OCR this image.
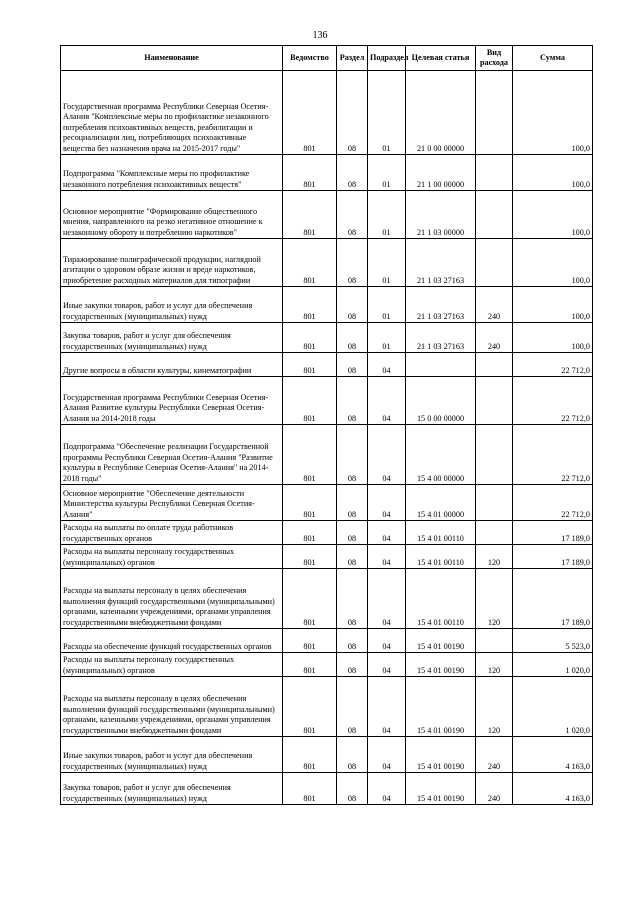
136
Наименование	Ведомство	Раздел	Подраздел	Целевая статья	Вид расхода	Сумма
Государственная программа Республики Северная Осетия-Алания "Комплексные меры по профилактике незаконного потребления психоактивных веществ, реабилитации и ресоциализации лиц, потребляющих психоактивные вещества без назначения врача на 2015-2017 годы"	801	08	01	21 0 00 00000		100,0
Подпрограмма "Комплексные меры по профилактике незаконного потребления психоактивных веществ"	801	08	01	21 1 00 00000		100,0
Основное мероприятие "Формирование общественного мнения, направленного на резко негативное отношение к незаконному обороту и потреблению наркотиков"	801	08	01	21 1 03 00000		100,0
Тиражирование полиграфической продукции, наглядной агитации о здоровом образе жизни и вреде наркотиков, приобретение расходных материалов для типографии	801	08	01	21 1 03 27163		100,0
Иные закупки товаров, работ и услуг для обеспечения государственных (муниципальных) нужд	801	08	01	21 1 03 27163	240	100,0
Закупка товаров, работ и услуг для обеспечения государственных (муниципальных) нужд	801	08	01	21 1 03 27163	240	100,0
Другие вопросы в области культуры, кинематографии	801	08	04			22 712,0
Государственная программа Республики Северная Осетия-Алания Развитие культуры Республики Северная Осетия-Алания на 2014-2018 годы	801	08	04	15 0 00 00000		22 712,0
Подпрограмма "Обеспечение реализации Государственной программы Республики Северная Осетия-Алания "Развитие культуры в Республике Северная Осетия-Алания" на 2014-2018 годы"	801	08	04	15 4 00 00000		22 712,0
Основное мероприятие "Обеспечение деятельности Министерства культуры Республики Северная Осетия-Алания"	801	08	04	15 4 01 00000		22 712,0
Расходы на выплаты по оплате труда работников государственных органов	801	08	04	15 4 01 00110		17 189,0
Расходы на выплаты персоналу государственных (муниципальных) органов	801	08	04	15 4 01 00110	120	17 189,0
Расходы на выплаты персоналу в целях обеспечения выполнения функций государственными (муниципальными) органами, казенными учреждениями, органами управления государственными внебюджетными фондами	801	08	04	15 4 01 00110	120	17 189,0
Расходы на обеспечение функций государственных органов	801	08	04	15 4 01 00190		5 523,0
Расходы на выплаты персоналу государственных (муниципальных) органов	801	08	04	15 4 01 00190	120	1 020,0
Расходы на выплаты персоналу в целях обеспечения выполнения функций государственными (муниципальными) органами, казенными учреждениями, органами управления государственными внебюджетными фондами	801	08	04	15 4 01 00190	120	1 020,0
Иные закупки товаров, работ и услуг для обеспечения государственных (муниципальных) нужд	801	08	04	15 4 01 00190	240	4 163,0
Закупка товаров, работ и услуг для обеспечения государственных (муниципальных) нужд	801	08	04	15 4 01 00190	240	4 163,0
